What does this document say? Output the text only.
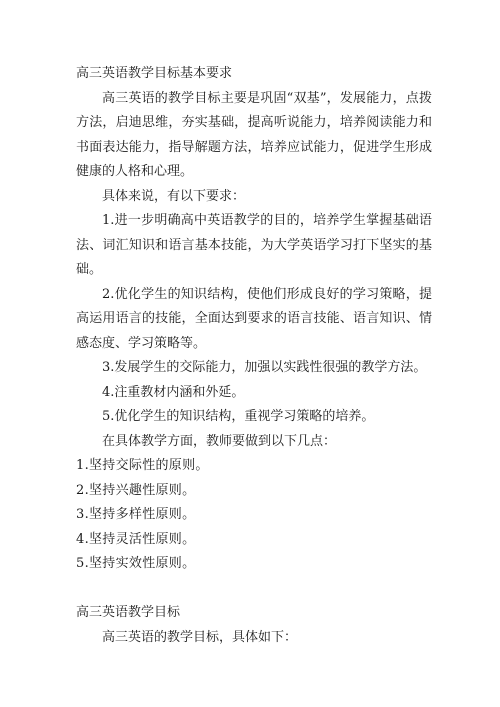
高三英语教学目标基本要求

高三英语的教学目标主要是巩固“双基”，发展能力，点拨方法，启迪思维，夯实基础，提高听说能力，培养阅读能力和书面表达能力，指导解题方法，培养应试能力，促进学生形成健康的人格和心理。

具体来说，有以下要求：

1.进一步明确高中英语教学的目的，培养学生掌握基础语法、词汇知识和语言基本技能，为大学英语学习打下坚实的基础。

2.优化学生的知识结构，使他们形成良好的学习策略，提高运用语言的技能，全面达到要求的语言技能、语言知识、情感态度、学习策略等。

3.发展学生的交际能力，加强以实践性很强的教学方法。

4.注重教材内涵和外延。

5.优化学生的知识结构，重视学习策略的培养。

在具体教学方面，教师要做到以下几点：

1.坚持交际性的原则。
2.坚持兴趣性原则。
3.坚持多样性原则。
4.坚持灵活性原则。
5.坚持实效性原则。
高三英语教学目标

高三英语的教学目标，具体如下：
